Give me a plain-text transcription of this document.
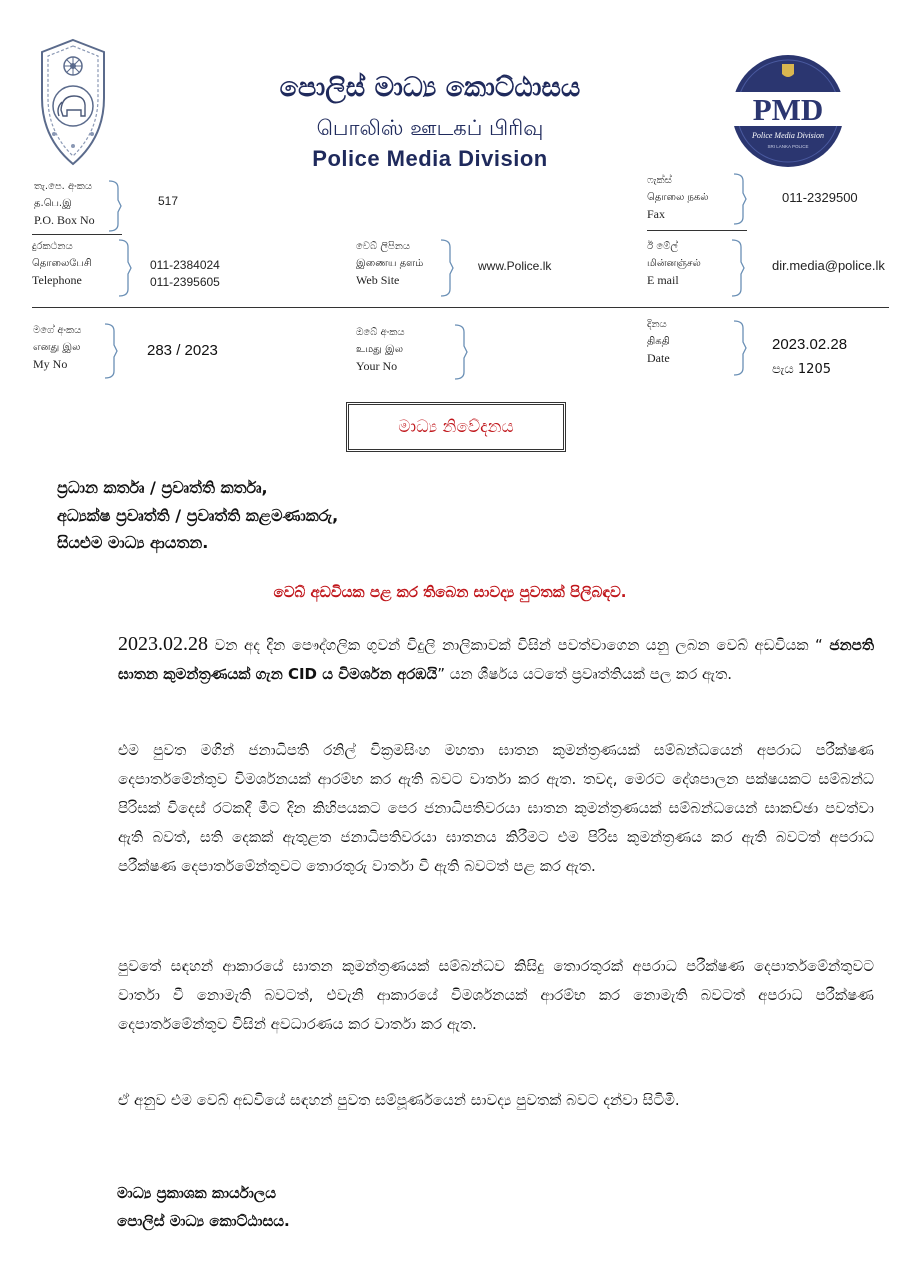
පොලිස් මාධ්‍ය කොට්ඨාසය
பொலிஸ் ஊடகப் பிரிவு
Police Media Division
PMD
Police Media Division
SRI LANKA POLICE
තැ.පෙ. අංකය
த.பெ.இ
P.O. Box No
517
ෆැක්ස්
தொலை நகல்
Fax
011-2329500
දුරකථනය
தொலைபேசி
Telephone
011-2384024
011-2395605
වෙබ් ලිපිනය
இணைய தளம்
Web Site
www.Police.lk
ඊ මේල්
மின்னஞ்சல்
E mail
dir.media@police.lk
මගේ අංකය
எனது இல
My No
283 / 2023
ඔබේ අංකය
உமது இல
Your No
දිනය
திகதி
Date
2023.02.28
පැය 1205
මාධ්‍ය නිවේදනය
ප්‍රධාන කර්තෘ / ප්‍රවෘත්ති කර්තෘ,
අධ්‍යක්ෂ ප්‍රවෘත්ති / ප්‍රවෘත්ති කළමණාකරු,
සියළුම මාධ්‍ය ආයතන.
වෙබ් අඩවියක පළ කර තිබෙන සාවද්‍ය පුවතක් පිලිබඳව.
2023.02.28 වන අද දින පෞද්ගලික ගුවන් විදුලි නාලිකාවක් විසින් පවත්වාගෙන යනු ලබන වෙබ් අඩවියක “ ජනපති ඝාතන කුමන්ත්‍රණයක් ගැන CID ය විමර්ශන අරඹයි” යන ශීර්ෂය යටතේ ප්‍රවෘත්තියක් පල කර ඇත.
එම පුවත මගින් ජනාධිපති රනිල් වික්‍රමසිංහ මහතා ඝාතන කුමන්ත්‍රණයක් සම්බන්ධයෙන් අපරාධ පරීක්ෂණ දෙපාර්තමේන්තුව විමර්ශනයක් ආරම්භ කර ඇති බවට වාර්තා කර ඇත. තවද, මෙරට දේශපාලන පක්ෂයකට සම්බන්ධ පිරිසක් විදෙස් රටකදී මීට දින කිහිපයකට පෙර ජනාධිපතිවරයා ඝාතන කුමන්ත්‍රණයක් සම්බන්ධයෙන් සාකච්ඡා පවත්වා ඇති බවත්, සති දෙකක් ඇතුළත ජනාධිපතිවරයා ඝාතනය කිරීමට එම පිරිස කුමන්ත්‍රණය කර ඇති බවටත් අපරාධ පරීක්ෂණ දෙපාර්තමේන්තුවට තොරතුරු වාර්තා වී ඇති බවටත් පළ කර ඇත.
පුවතේ සඳහන් ආකාරයේ ඝාතන කුමන්ත්‍රණයක් සම්බන්ධව කිසිදු තොරතුරක් අපරාධ පරීක්ෂණ දෙපාර්තමේන්තුවට වාර්තා වී නොමැති බවටත්, එවැනි ආකාරයේ විමර්ශනයක් ආරම්භ කර නොමැති බවටත් අපරාධ පරීක්ෂණ දෙපාර්තමේන්තුව විසින් අවධාරණය කර වාර්තා කර ඇත.
ඒ අනුව එම වෙබ් අඩවියේ සඳහන් පුවත සම්පූර්ණයෙන් සාවද්‍ය පුවතක් බවට දන්වා සිටිමි.
මාධ්‍ය ප්‍රකාශක කාර්යාලය
පොලිස් මාධ්‍ය කොට්ඨාසය.
